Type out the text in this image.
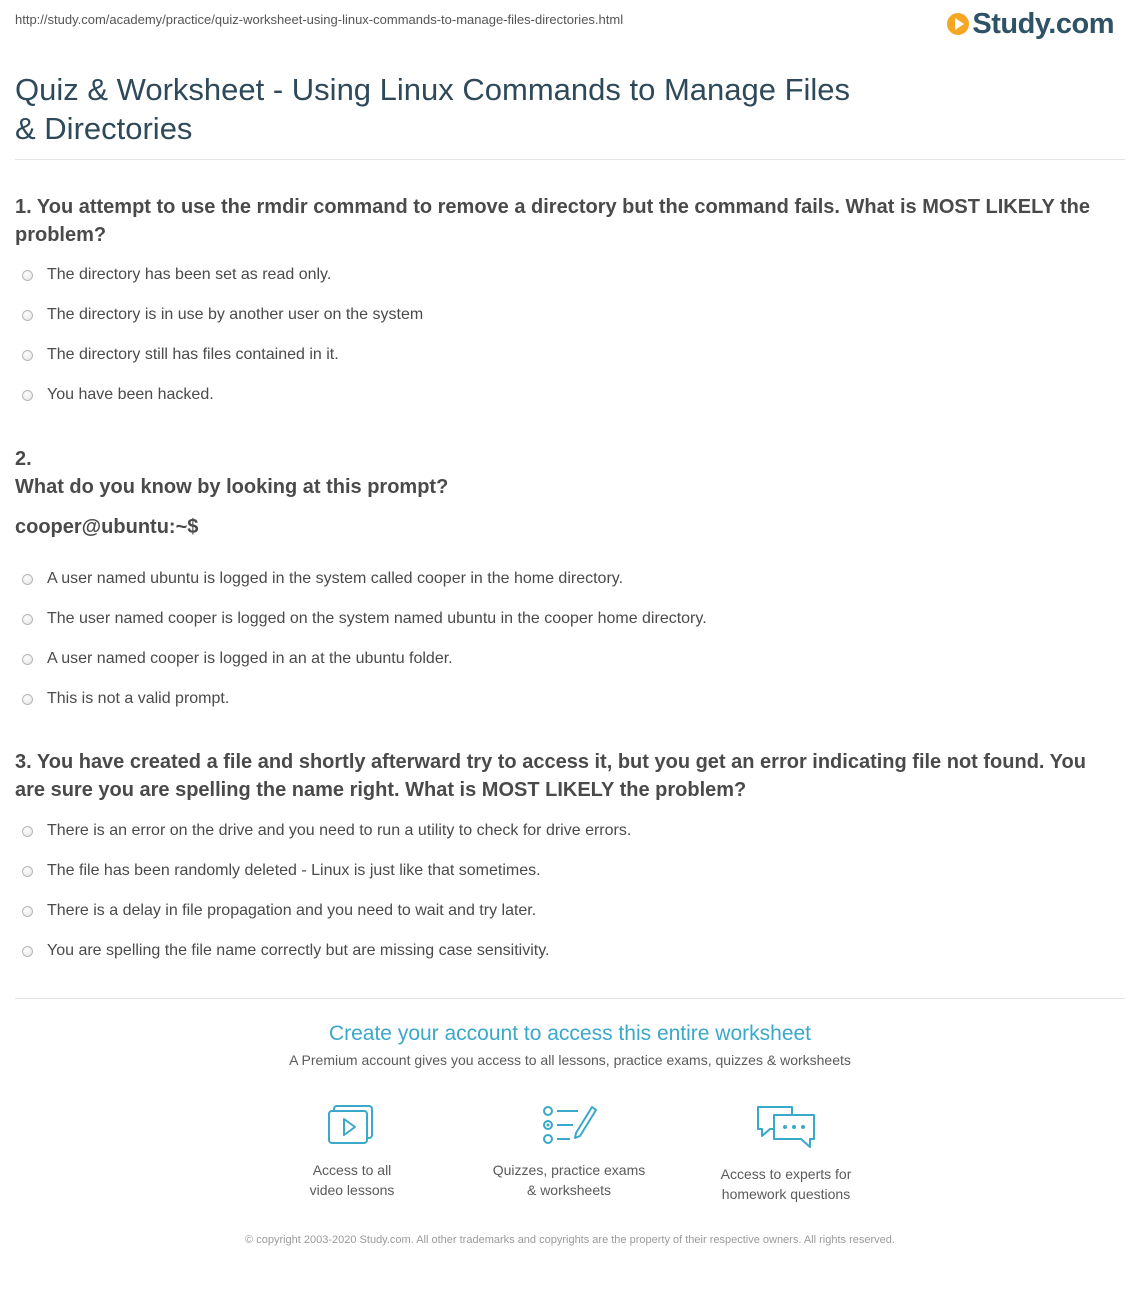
http://study.com/academy/practice/quiz-worksheet-using-linux-commands-to-manage-files-directories.html	Study.com
Quiz & Worksheet - Using Linux Commands to Manage Files & Directories
1. You attempt to use the rmdir command to remove a directory but the command fails. What is MOST LIKELY the problem?
The directory has been set as read only.
The directory is in use by another user on the system
The directory still has files contained in it.
You have been hacked.
2.
What do you know by looking at this prompt?
cooper@ubuntu:~$
A user named ubuntu is logged in the system called cooper in the home directory.
The user named cooper is logged on the system named ubuntu in the cooper home directory.
A user named cooper is logged in an at the ubuntu folder.
This is not a valid prompt.
3. You have created a file and shortly afterward try to access it, but you get an error indicating file not found. You are sure you are spelling the name right. What is MOST LIKELY the problem?
There is an error on the drive and you need to run a utility to check for drive errors.
The file has been randomly deleted - Linux is just like that sometimes.
There is a delay in file propagation and you need to wait and try later.
You are spelling the file name correctly but are missing case sensitivity.
Create your account to access this entire worksheet
A Premium account gives you access to all lessons, practice exams, quizzes & worksheets
Access to all
video lessons
Quizzes, practice exams
& worksheets
Access to experts for
homework questions
© copyright 2003-2020 Study.com. All other trademarks and copyrights are the property of their respective owners. All rights reserved.
